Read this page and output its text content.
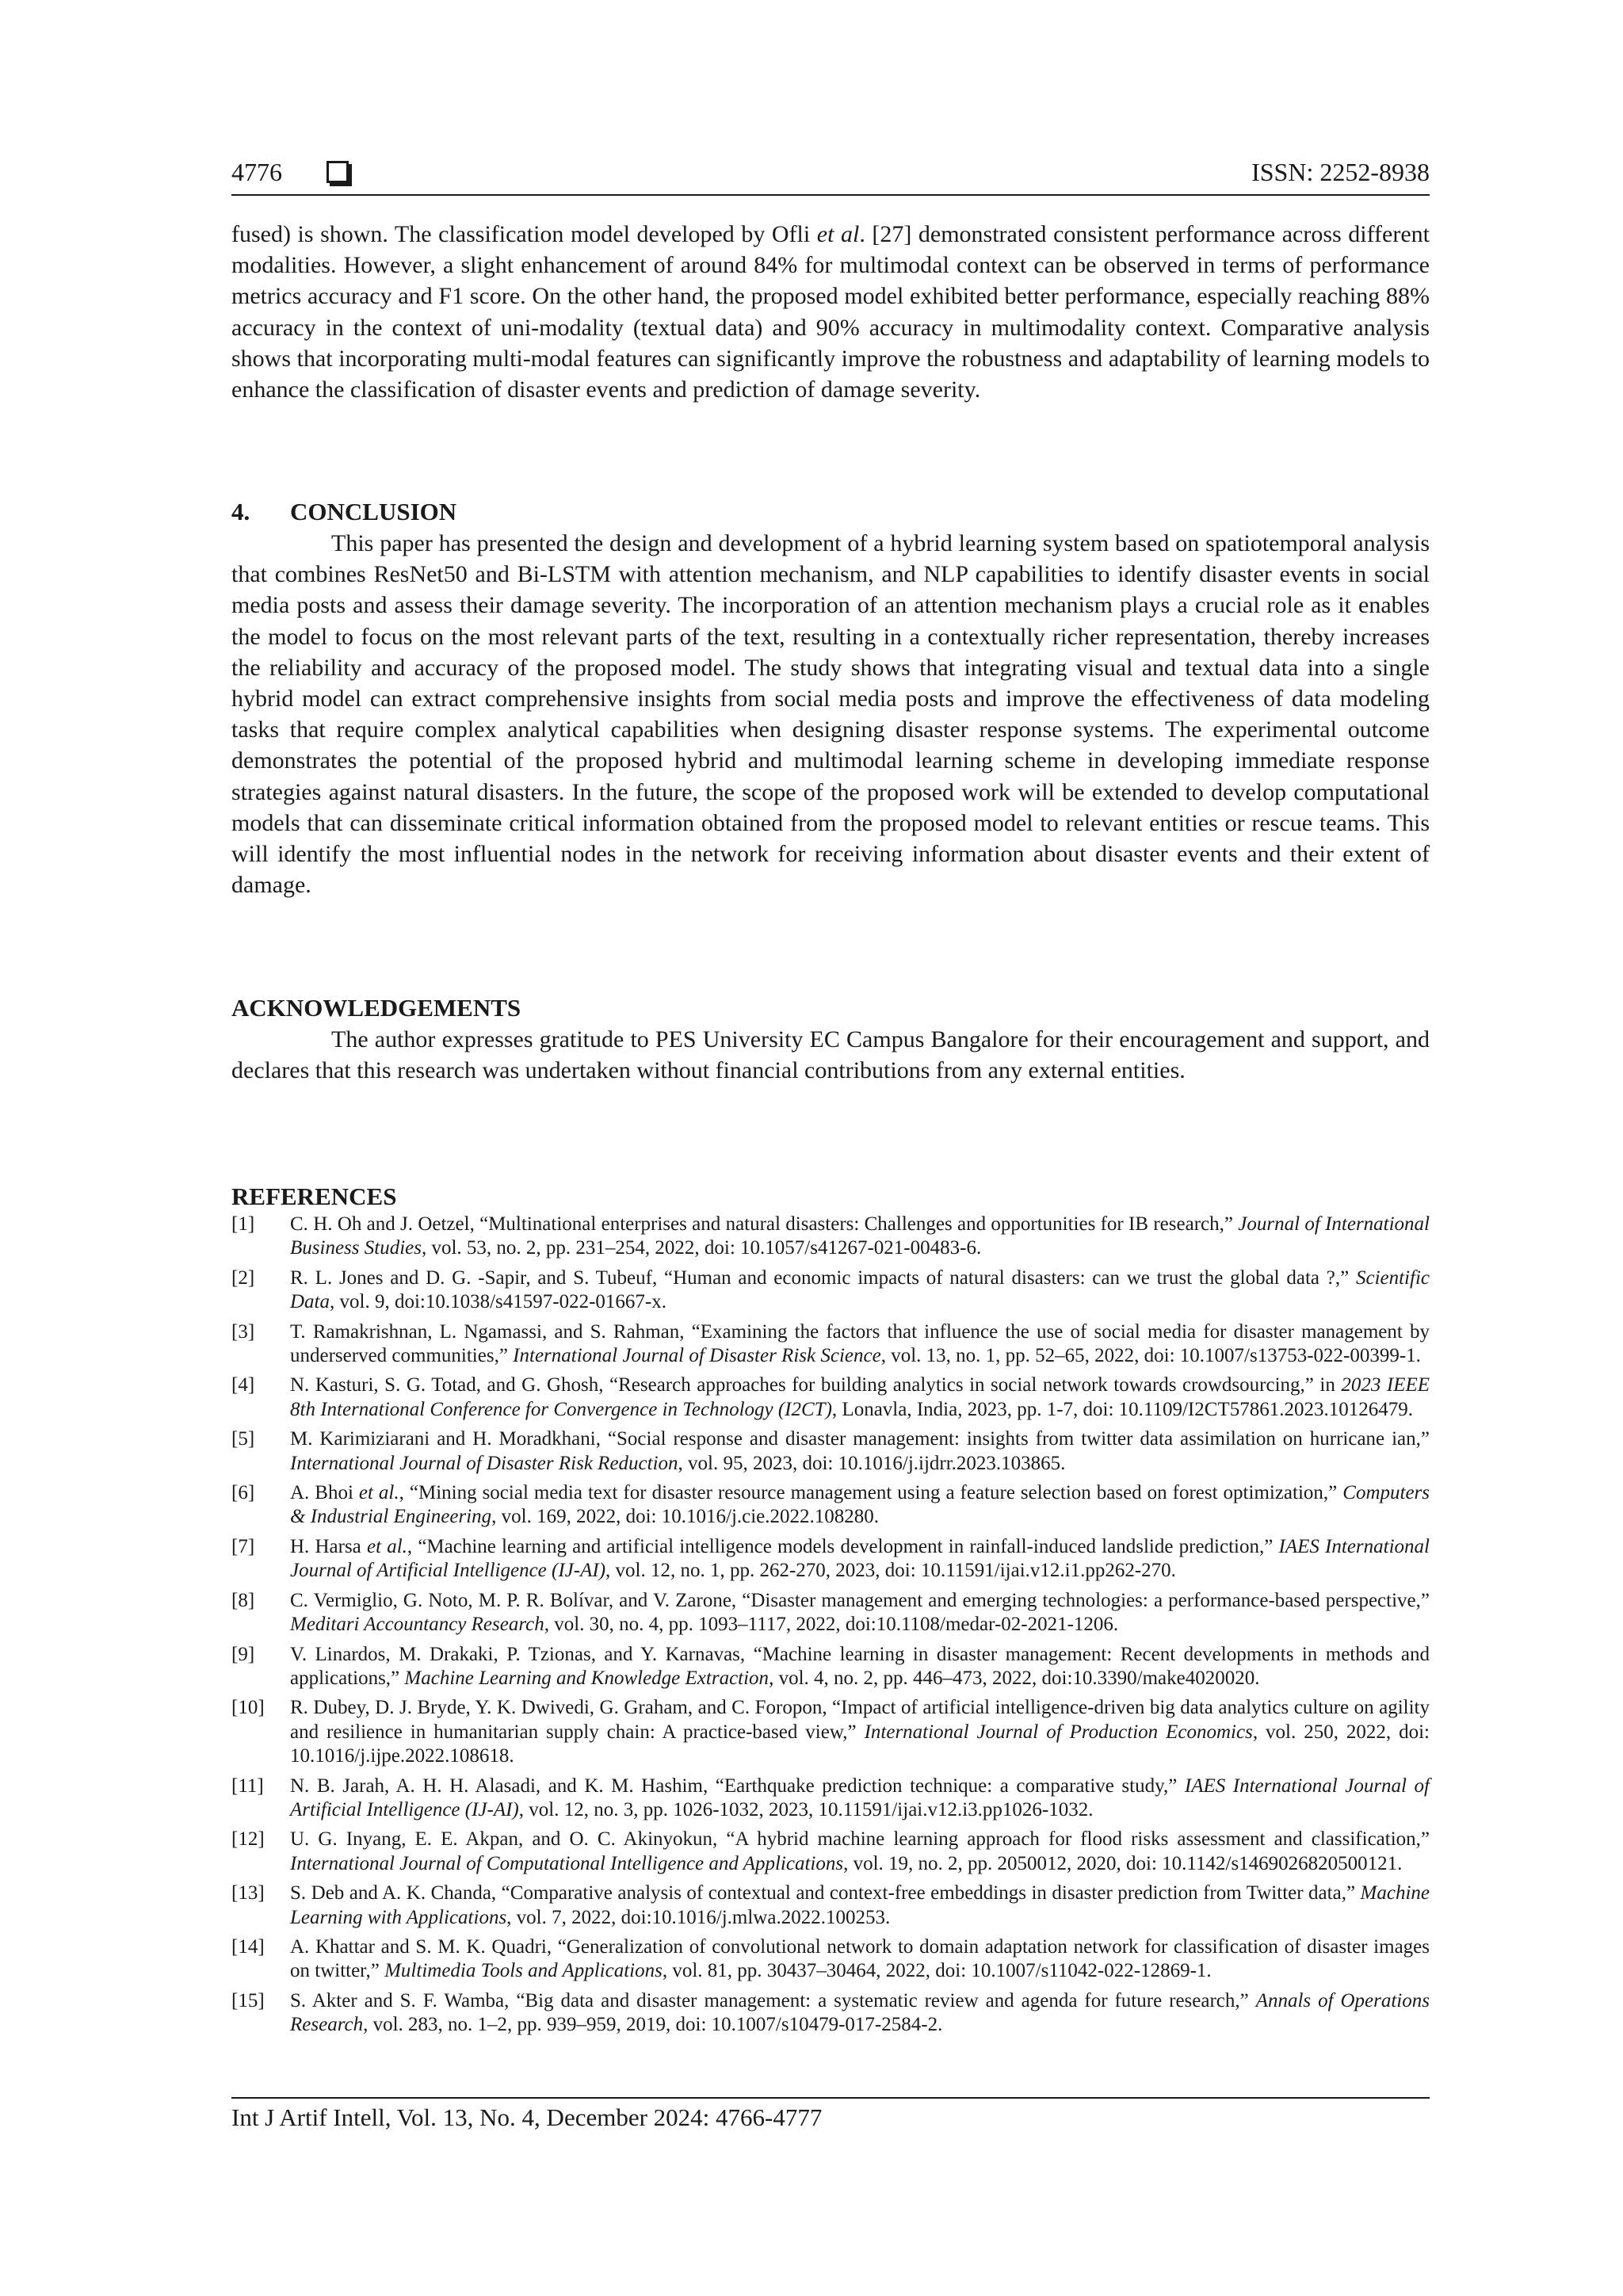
4776	ISSN: 2252-8938

fused) is shown. The classification model developed by Ofli et al. [27] demonstrated consistent performance across different modalities. However, a slight enhancement of around 84% for multimodal context can be observed in terms of performance metrics accuracy and F1 score. On the other hand, the proposed model exhibited better performance, especially reaching 88% accuracy in the context of uni-modality (textual data) and 90% accuracy in multimodality context. Comparative analysis shows that incorporating multi-modal features can significantly improve the robustness and adaptability of learning models to enhance the classification of disaster events and prediction of damage severity.

4. CONCLUSION

This paper has presented the design and development of a hybrid learning system based on spatiotemporal analysis that combines ResNet50 and Bi-LSTM with attention mechanism, and NLP capabilities to identify disaster events in social media posts and assess their damage severity. The incorporation of an attention mechanism plays a crucial role as it enables the model to focus on the most relevant parts of the text, resulting in a contextually richer representation, thereby increases the reliability and accuracy of the proposed model. The study shows that integrating visual and textual data into a single hybrid model can extract comprehensive insights from social media posts and improve the effectiveness of data modeling tasks that require complex analytical capabilities when designing disaster response systems. The experimental outcome demonstrates the potential of the proposed hybrid and multimodal learning scheme in developing immediate response strategies against natural disasters. In the future, the scope of the proposed work will be extended to develop computational models that can disseminate critical information obtained from the proposed model to relevant entities or rescue teams. This will identify the most influential nodes in the network for receiving information about disaster events and their extent of damage.

ACKNOWLEDGEMENTS

The author expresses gratitude to PES University EC Campus Bangalore for their encouragement and support, and declares that this research was undertaken without financial contributions from any external entities.

REFERENCES

[1] C. H. Oh and J. Oetzel, “Multinational enterprises and natural disasters: Challenges and opportunities for IB research,” Journal of International Business Studies, vol. 53, no. 2, pp. 231–254, 2022, doi: 10.1057/s41267-021-00483-6.

[2] R. L. Jones and D. G. -Sapir, and S. Tubeuf, “Human and economic impacts of natural disasters: can we trust the global data ?,” Scientific Data, vol. 9, doi:10.1038/s41597-022-01667-x.

[3] T. Ramakrishnan, L. Ngamassi, and S. Rahman, “Examining the factors that influence the use of social media for disaster management by underserved communities,” International Journal of Disaster Risk Science, vol. 13, no. 1, pp. 52–65, 2022, doi: 10.1007/s13753-022-00399-1.

[4] N. Kasturi, S. G. Totad, and G. Ghosh, “Research approaches for building analytics in social network towards crowdsourcing,” in 2023 IEEE 8th International Conference for Convergence in Technology (I2CT), Lonavla, India, 2023, pp. 1-7, doi: 10.1109/I2CT57861.2023.10126479.

[5] M. Karimiziarani and H. Moradkhani, “Social response and disaster management: insights from twitter data assimilation on hurricane ian,” International Journal of Disaster Risk Reduction, vol. 95, 2023, doi: 10.1016/j.ijdrr.2023.103865.

[6] A. Bhoi et al., “Mining social media text for disaster resource management using a feature selection based on forest optimization,” Computers & Industrial Engineering, vol. 169, 2022, doi: 10.1016/j.cie.2022.108280.

[7] H. Harsa et al., “Machine learning and artificial intelligence models development in rainfall-induced landslide prediction,” IAES International Journal of Artificial Intelligence (IJ-AI), vol. 12, no. 1, pp. 262-270, 2023, doi: 10.11591/ijai.v12.i1.pp262-270.

[8] C. Vermiglio, G. Noto, M. P. R. Bolívar, and V. Zarone, “Disaster management and emerging technologies: a performance-based perspective,” Meditari Accountancy Research, vol. 30, no. 4, pp. 1093–1117, 2022, doi:10.1108/medar-02-2021-1206.

[9] V. Linardos, M. Drakaki, P. Tzionas, and Y. Karnavas, “Machine learning in disaster management: Recent developments in methods and applications,” Machine Learning and Knowledge Extraction, vol. 4, no. 2, pp. 446–473, 2022, doi:10.3390/make4020020.

[10] R. Dubey, D. J. Bryde, Y. K. Dwivedi, G. Graham, and C. Foropon, “Impact of artificial intelligence-driven big data analytics culture on agility and resilience in humanitarian supply chain: A practice-based view,” International Journal of Production Economics, vol. 250, 2022, doi: 10.1016/j.ijpe.2022.108618.

[11] N. B. Jarah, A. H. H. Alasadi, and K. M. Hashim, “Earthquake prediction technique: a comparative study,” IAES International Journal of Artificial Intelligence (IJ-AI), vol. 12, no. 3, pp. 1026-1032, 2023, 10.11591/ijai.v12.i3.pp1026-1032.

[12] U. G. Inyang, E. E. Akpan, and O. C. Akinyokun, “A hybrid machine learning approach for flood risks assessment and classification,” International Journal of Computational Intelligence and Applications, vol. 19, no. 2, pp. 2050012, 2020, doi: 10.1142/s1469026820500121.

[13] S. Deb and A. K. Chanda, “Comparative analysis of contextual and context-free embeddings in disaster prediction from Twitter data,” Machine Learning with Applications, vol. 7, 2022, doi:10.1016/j.mlwa.2022.100253.

[14] A. Khattar and S. M. K. Quadri, “Generalization of convolutional network to domain adaptation network for classification of disaster images on twitter,” Multimedia Tools and Applications, vol. 81, pp. 30437–30464, 2022, doi: 10.1007/s11042-022-12869-1.

[15] S. Akter and S. F. Wamba, “Big data and disaster management: a systematic review and agenda for future research,” Annals of Operations Research, vol. 283, no. 1–2, pp. 939–959, 2019, doi: 10.1007/s10479-017-2584-2.

Int J Artif Intell, Vol. 13, No. 4, December 2024: 4766-4777
